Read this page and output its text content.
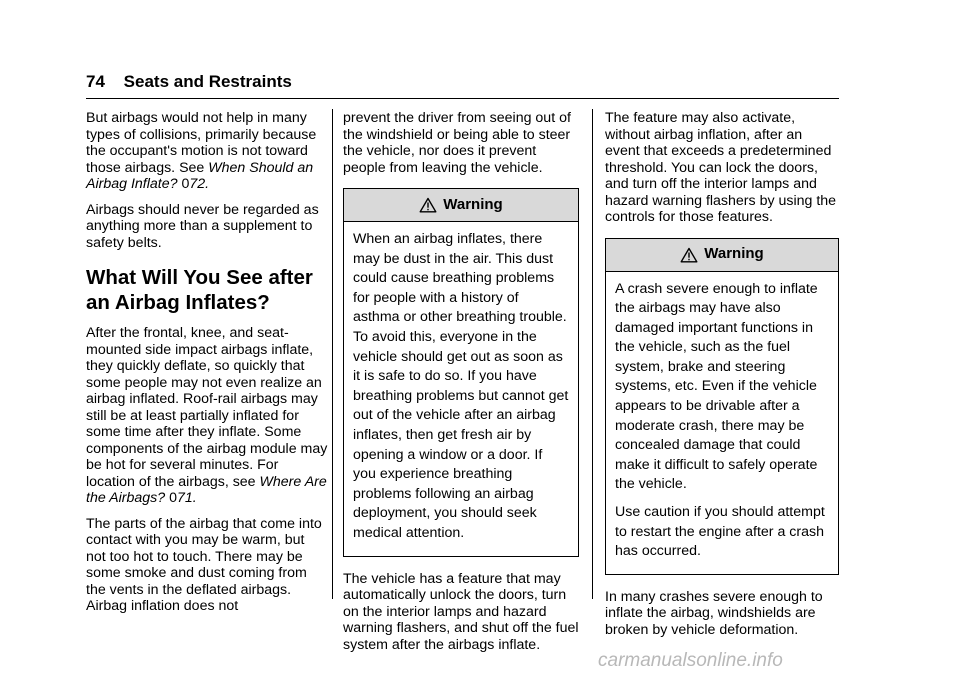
74 Seats and Restraints

But airbags would not help in many types of collisions, primarily because the occupant's motion is not toward those airbags. See When Should an Airbag Inflate? 072.

Airbags should never be regarded as anything more than a supplement to safety belts.

What Will You See after an Airbag Inflates?

After the frontal, knee, and seat-mounted side impact airbags inflate, they quickly deflate, so quickly that some people may not even realize an airbag inflated. Roof-rail airbags may still be at least partially inflated for some time after they inflate. Some components of the airbag module may be hot for several minutes. For location of the airbags, see Where Are the Airbags? 071.

The parts of the airbag that come into contact with you may be warm, but not too hot to touch. There may be some smoke and dust coming from the vents in the deflated airbags. Airbag inflation does not

prevent the driver from seeing out of the windshield or being able to steer the vehicle, nor does it prevent people from leaving the vehicle.

Warning

When an airbag inflates, there may be dust in the air. This dust could cause breathing problems for people with a history of asthma or other breathing trouble. To avoid this, everyone in the vehicle should get out as soon as it is safe to do so. If you have breathing problems but cannot get out of the vehicle after an airbag inflates, then get fresh air by opening a window or a door. If you experience breathing problems following an airbag deployment, you should seek medical attention.

The vehicle has a feature that may automatically unlock the doors, turn on the interior lamps and hazard warning flashers, and shut off the fuel system after the airbags inflate.

The feature may also activate, without airbag inflation, after an event that exceeds a predetermined threshold. You can lock the doors, and turn off the interior lamps and hazard warning flashers by using the controls for those features.

Warning

A crash severe enough to inflate the airbags may have also damaged important functions in the vehicle, such as the fuel system, brake and steering systems, etc. Even if the vehicle appears to be drivable after a moderate crash, there may be concealed damage that could make it difficult to safely operate the vehicle.

Use caution if you should attempt to restart the engine after a crash has occurred.

In many crashes severe enough to inflate the airbag, windshields are broken by vehicle deformation.

carmanualsonline.info
